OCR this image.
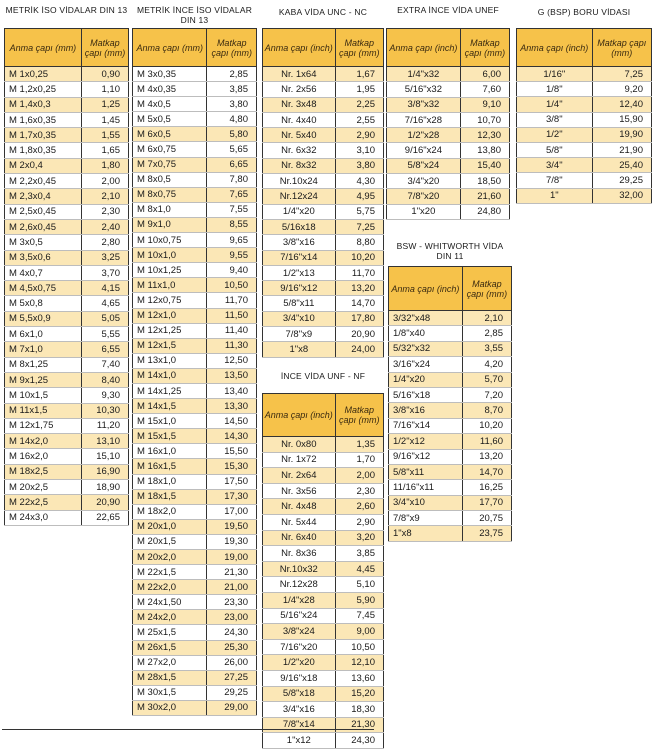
METRİK İSO VİDALAR DIN 13
Anma çapı (mm)	Matkap çapı (mm)
M 1x0,25	0,90
M 1,2x0,25	1,10
M 1,4x0,3	1,25
M 1,6x0,35	1,45
M 1,7x0,35	1,55
M 1,8x0,35	1,65
M 2x0,4	1,80
M 2,2x0,45	2,00
M 2,3x0,4	2,10
M 2,5x0,45	2,30
M 2,6x0,45	2,40
M 3x0,5	2,80
M 3,5x0,6	3,25
M 4x0,7	3,70
M 4,5x0,75	4,15
M 5x0,8	4,65
M 5,5x0,9	5,05
M 6x1,0	5,55
M 7x1,0	6,55
M 8x1,25	7,40
M 9x1,25	8,40
M 10x1,5	9,30
M 11x1,5	10,30
M 12x1,75	11,20
M 14x2,0	13,10
M 16x2,0	15,10
M 18x2,5	16,90
M 20x2,5	18,90
M 22x2,5	20,90
M 24x3,0	22,65
METRİK İNCE İSO VİDALAR DIN 13
Anma çapı (mm)	Matkap çapı (mm)
M 3x0,35	2,85
M 4x0,35	3,85
M 4x0,5	3,80
M 5x0,5	4,80
M 6x0,5	5,80
M 6x0,75	5,65
M 7x0,75	6,65
M 8x0,5	7,80
M 8x0,75	7,65
M 8x1,0	7,55
M 9x1,0	8,55
M 10x0,75	9,65
M 10x1,0	9,55
M 10x1,25	9,40
M 11x1,0	10,50
M 12x0,75	11,70
M 12x1,0	11,50
M 12x1,25	11,40
M 12x1,5	11,30
M 13x1,0	12,50
M 14x1,0	13,50
M 14x1,25	13,40
M 14x1,5	13,30
M 15x1,0	14,50
M 15x1,5	14,30
M 16x1,0	15,50
M 16x1,5	15,30
M 18x1,0	17,50
M 18x1,5	17,30
M 18x2,0	17,00
M 20x1,0	19,50
M 20x1,5	19,30
M 20x2,0	19,00
M 22x1,5	21,30
M 22x2,0	21,00
M 24x1,50	23,30
M 24x2,0	23,00
M 25x1,5	24,30
M 26x1,5	25,30
M 27x2,0	26,00
M 28x1,5	27,25
M 30x1,5	29,25
M 30x2,0	29,00
KABA VİDA UNC - NC
Anma çapı (inch)	Matkap çapı (mm)
Nr. 1x64	1,67
Nr. 2x56	1,95
Nr. 3x48	2,25
Nr. 4x40	2,55
Nr. 5x40	2,90
Nr. 6x32	3,10
Nr. 8x32	3,80
Nr.10x24	4,30
Nr.12x24	4,95
1/4"x20	5,75
5/16x18	7,25
3/8"x16	8,80
7/16"x14	10,20
1/2"x13	11,70
9/16"x12	13,20
5/8"x11	14,70
3/4"x10	17,80
7/8"x9	20,90
1"x8	24,00
İNCE VİDA UNF - NF
Anma çapı (inch)	Matkap çapı (mm)
Nr. 0x80	1,35
Nr. 1x72	1,70
Nr. 2x64	2,00
Nr. 3x56	2,30
Nr. 4x48	2,60
Nr. 5x44	2,90
Nr. 6x40	3,20
Nr. 8x36	3,85
Nr.10x32	4,45
Nr.12x28	5,10
1/4"x28	5,90
5/16"x24	7,45
3/8"x24	9,00
7/16"x20	10,50
1/2"x20	12,10
9/16"x18	13,60
5/8"x18	15,20
3/4"x16	18,30
7/8"x14	21,30
1"x12	24,30
EXTRA İNCE VİDA UNEF
Anma çapı (inch)	Matkap çapı (mm)
1/4"x32	6,00
5/16"x32	7,60
3/8"x32	9,10
7/16"x28	10,70
1/2"x28	12,30
9/16"x24	13,80
5/8"x24	15,40
3/4"x20	18,50
7/8"x20	21,60
1"x20	24,80
G (BSP) BORU VİDASI
Anma çapı (inch)	Matkap çapı (mm)
1/16"	7,25
1/8"	9,20
1/4"	12,40
3/8"	15,90
1/2"	19,90
5/8"	21,90
3/4"	25,40
7/8"	29,25
1"	32,00
BSW - WHITWORTH VİDA DIN 11
Anma çapı (inch)	Matkap çapı (mm)
3/32"x48	2,10
1/8"x40	2,85
5/32"x32	3,55
3/16"x24	4,20
1/4"x20	5,70
5/16"x18	7,20
3/8"x16	8,70
7/16"x14	10,20
1/2"x12	11,60
9/16"x12	13,20
5/8"x11	14,70
11/16"x11	16,25
3/4"x10	17,70
7/8"x9	20,75
1"x8	23,75
